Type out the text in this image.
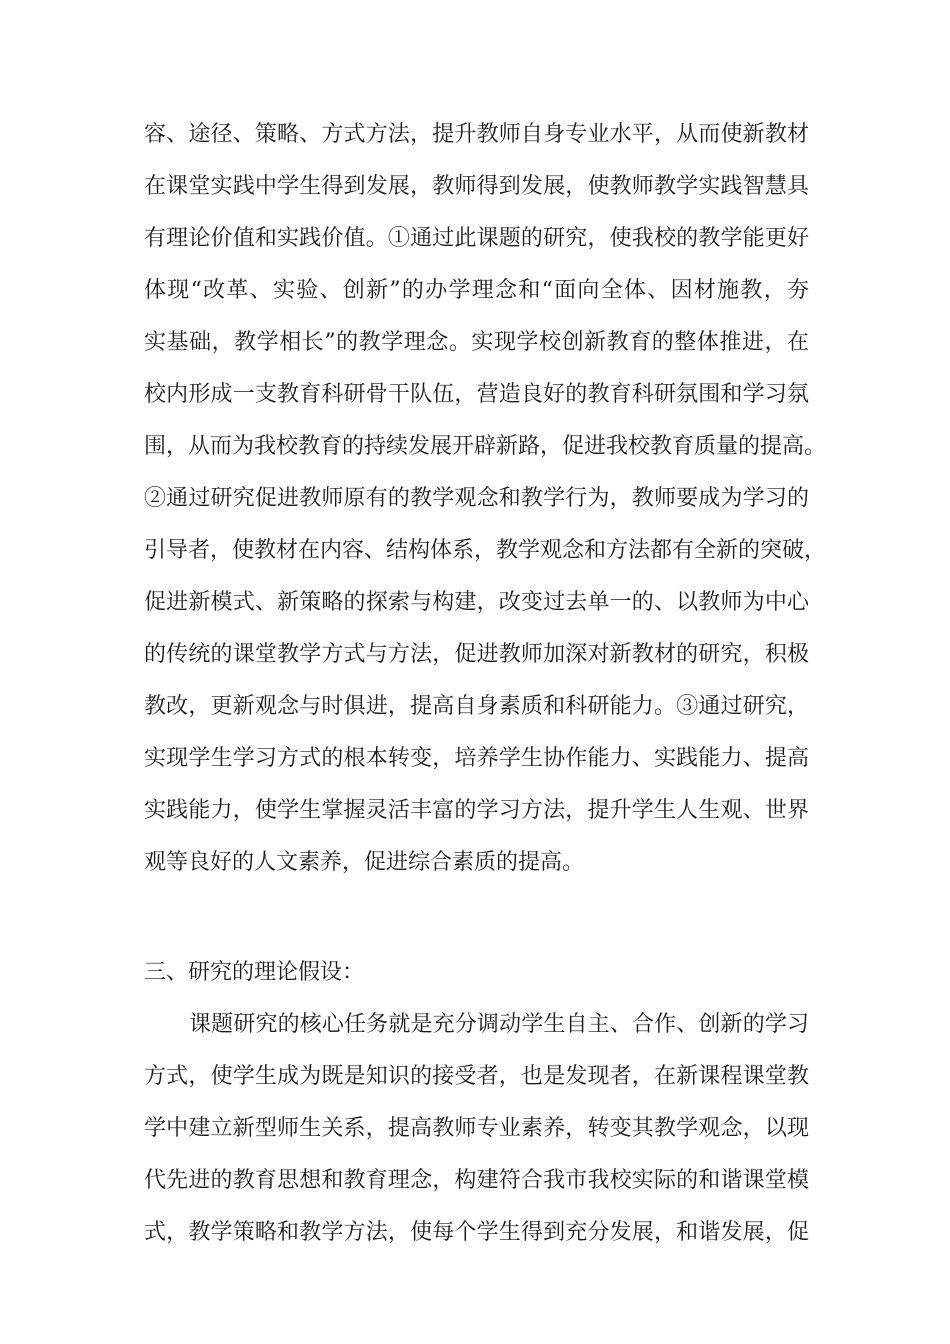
容、途径、策略、方式方法，提升教师自身专业水平，从而使新教材
在课堂实践中学生得到发展，教师得到发展，使教师教学实践智慧具
有理论价值和实践价值。①通过此课题的研究，使我校的教学能更好
体现“改革、实验、创新”的办学理念和“面向全体、因材施教，夯
实基础，教学相长”的教学理念。实现学校创新教育的整体推进，在
校内形成一支教育科研骨干队伍，营造良好的教育科研氛围和学习氛
围，从而为我校教育的持续发展开辟新路，促进我校教育质量的提高。
②通过研究促进教师原有的教学观念和教学行为，教师要成为学习的
引导者，使教材在内容、结构体系，教学观念和方法都有全新的突破，
促进新模式、新策略的探索与构建，改变过去单一的、以教师为中心
的传统的课堂教学方式与方法，促进教师加深对新教材的研究，积极
教改，更新观念与时俱进，提高自身素质和科研能力。③通过研究，
实现学生学习方式的根本转变，培养学生协作能力、实践能力、提高
实践能力，使学生掌握灵活丰富的学习方法，提升学生人生观、世界
观等良好的人文素养，促进综合素质的提高。
三、研究的理论假设：
课题研究的核心任务就是充分调动学生自主、合作、创新的学习
方式，使学生成为既是知识的接受者，也是发现者，在新课程课堂教
学中建立新型师生关系，提高教师专业素养，转变其教学观念，以现
代先进的教育思想和教育理念，构建符合我市我校实际的和谐课堂模
式，教学策略和教学方法，使每个学生得到充分发展，和谐发展，促
